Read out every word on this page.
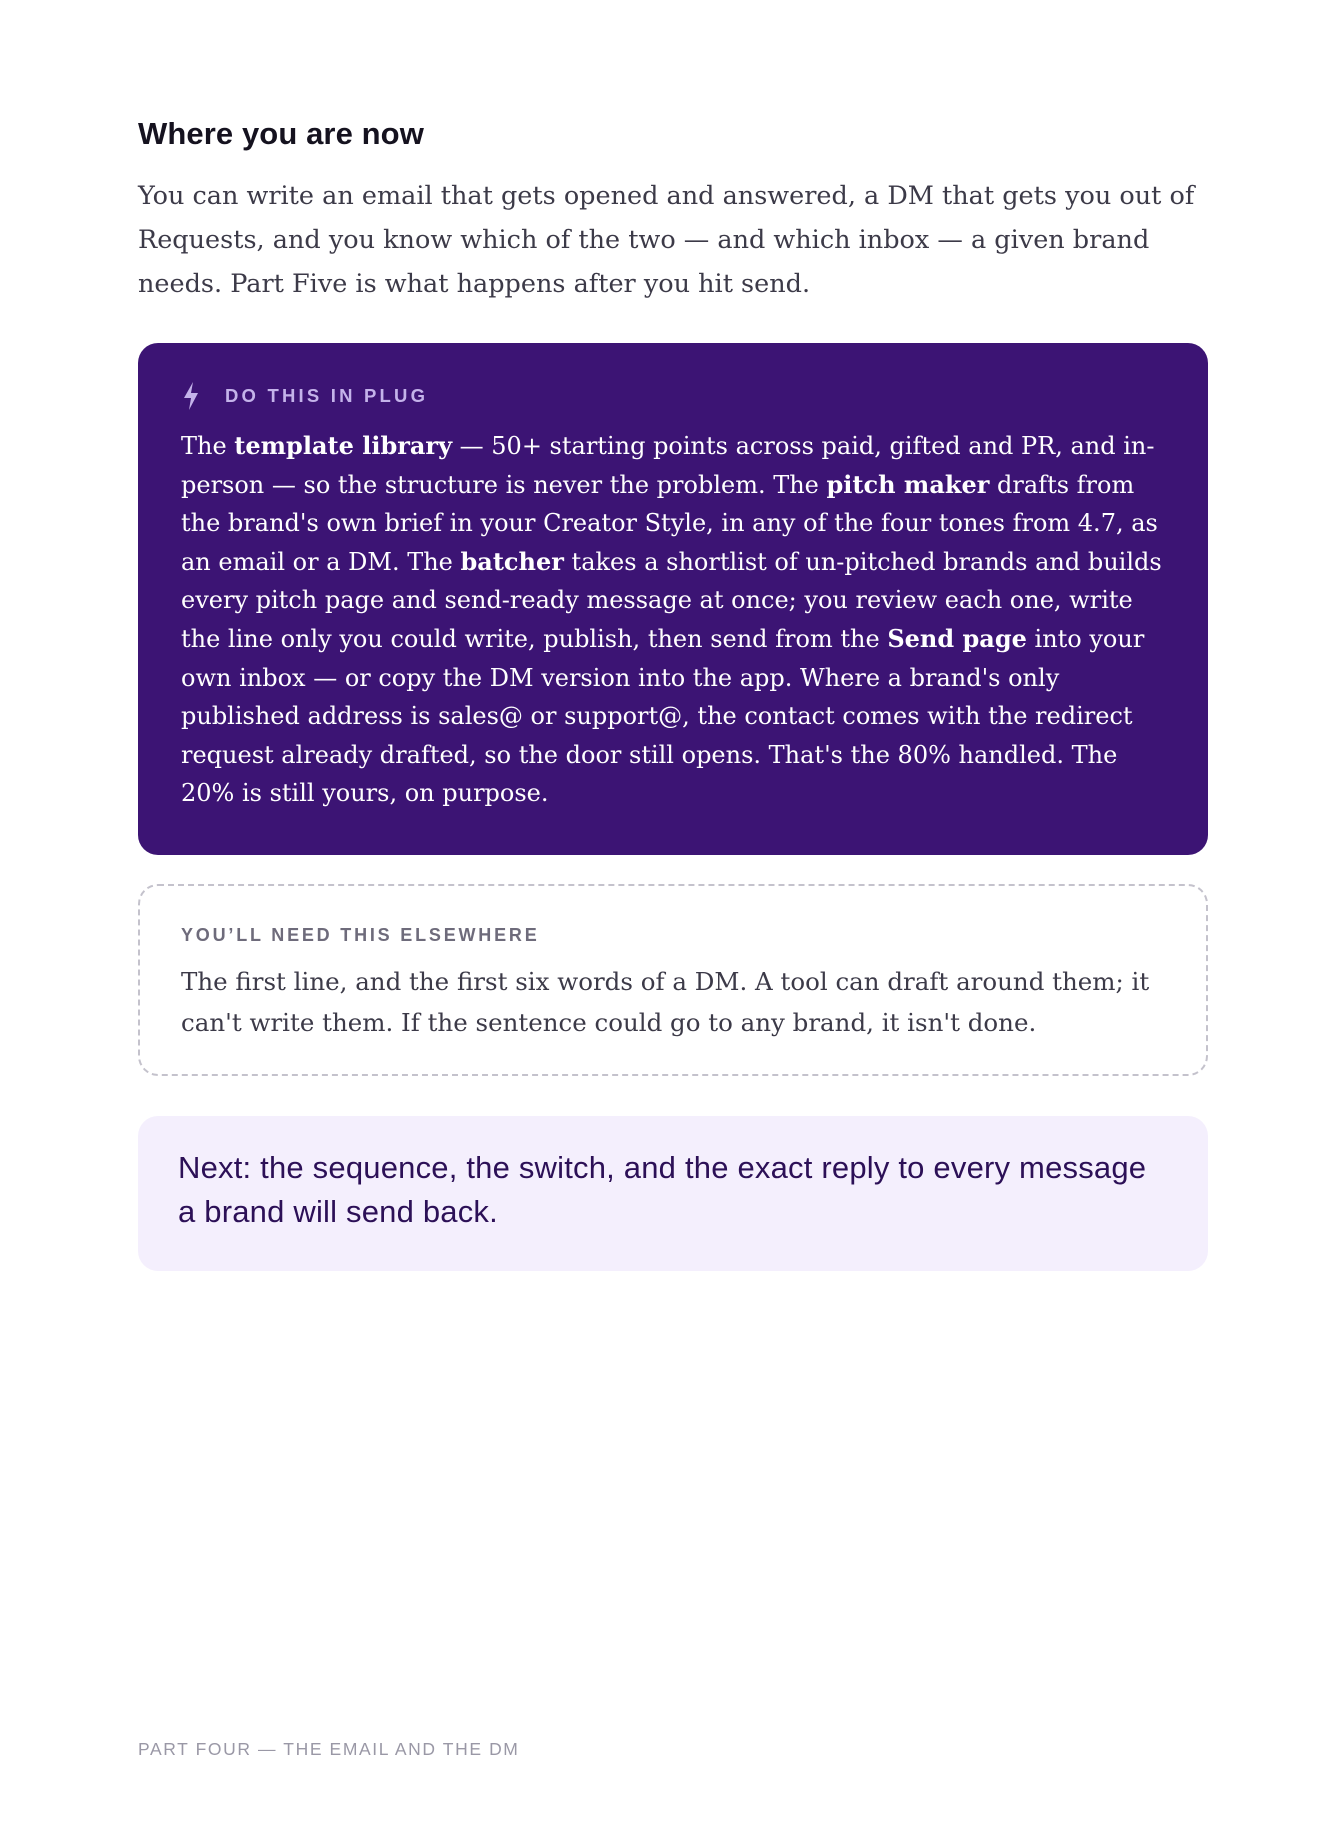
Where you are now

You can write an email that gets opened and answered, a DM that gets you out of Requests, and you know which of the two — and which inbox — a given brand needs. Part Five is what happens after you hit send.

DO THIS IN PLUG

The template library — 50+ starting points across paid, gifted and PR, and in-person — so the structure is never the problem. The pitch maker drafts from the brand's own brief in your Creator Style, in any of the four tones from 4.7, as an email or a DM. The batcher takes a shortlist of un-pitched brands and builds every pitch page and send-ready message at once; you review each one, write the line only you could write, publish, then send from the Send page into your own inbox — or copy the DM version into the app. Where a brand's only published address is sales@ or support@, the contact comes with the redirect request already drafted, so the door still opens. That's the 80% handled. The 20% is still yours, on purpose.

YOU’LL NEED THIS ELSEWHERE

The first line, and the first six words of a DM. A tool can draft around them; it can't write them. If the sentence could go to any brand, it isn't done.

Next: the sequence, the switch, and the exact reply to every message a brand will send back.

PART FOUR — THE EMAIL AND THE DM
